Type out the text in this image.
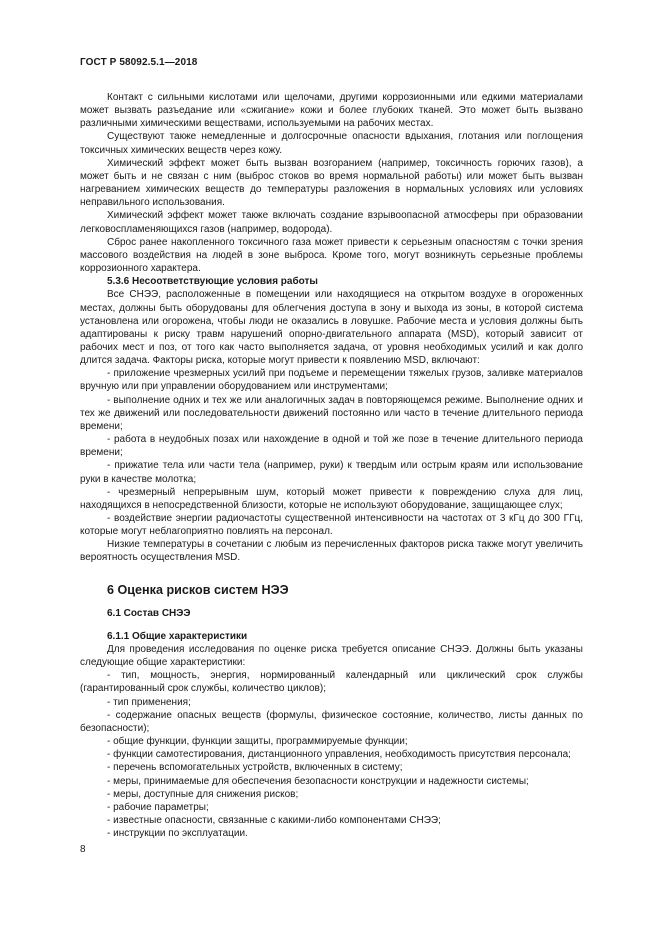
ГОСТ Р 58092.5.1—2018

Контакт с сильными кислотами или щелочами, другими коррозионными или едкими материалами может вызвать разъедание или «сжигание» кожи и более глубоких тканей. Это может быть вызвано различными химическими веществами, используемыми на рабочих местах.

Существуют также немедленные и долгосрочные опасности вдыхания, глотания или поглощения токсичных химических веществ через кожу.

Химический эффект может быть вызван возгоранием (например, токсичность горючих газов), а может быть и не связан с ним (выброс стоков во время нормальной работы) или может быть вызван нагреванием химических веществ до температуры разложения в нормальных условиях или условиях неправильного использования.

Химический эффект может также включать создание взрывоопасной атмосферы при образовании легковоспламеняющихся газов (например, водорода).

Сброс ранее накопленного токсичного газа может привести к серьезным опасностям с точки зрения массового воздействия на людей в зоне выброса. Кроме того, могут возникнуть серьезные проблемы коррозионного характера.

5.3.6 Несоответствующие условия работы

Все СНЭЭ, расположенные в помещении или находящиеся на открытом воздухе в огороженных местах, должны быть оборудованы для облегчения доступа в зону и выхода из зоны, в которой система установлена или огорожена, чтобы люди не оказались в ловушке. Рабочие места и условия должны быть адаптированы к риску травм нарушений опорно-двигательного аппарата (MSD), который зависит от рабочих мест и поз, от того как часто выполняется задача, от уровня необходимых усилий и как долго длится задача. Факторы риска, которые могут привести к появлению MSD, включают:

- приложение чрезмерных усилий при подъеме и перемещении тяжелых грузов, заливке материалов вручную или при управлении оборудованием или инструментами;

- выполнение одних и тех же или аналогичных задач в повторяющемся режиме. Выполнение одних и тех же движений или последовательности движений постоянно или часто в течение длительного периода времени;

- работа в неудобных позах или нахождение в одной и той же позе в течение длительного периода времени;

- прижатие тела или части тела (например, руки) к твердым или острым краям или использование руки в качестве молотка;

- чрезмерный непрерывным шум, который может привести к повреждению слуха для лиц, находящихся в непосредственной близости, которые не используют оборудование, защищающее слух;

- воздействие энергии радиочастоты существенной интенсивности на частотах от 3 кГц до 300 ГГц, которые могут неблагоприятно повлиять на персонал.

Низкие температуры в сочетании с любым из перечисленных факторов риска также могут увеличить вероятность осуществления MSD.

6 Оценка рисков систем НЭЭ
6.1 Состав СНЭЭ
6.1.1 Общие характеристики

Для проведения исследования по оценке риска требуется описание СНЭЭ. Должны быть указаны следующие общие характеристики:

- тип, мощность, энергия, нормированный календарный или циклический срок службы (гарантированный срок службы, количество циклов);

- тип применения;

- содержание опасных веществ (формулы, физическое состояние, количество, листы данных по безопасности);

- общие функции, функции защиты, программируемые функции;

- функции самотестирования, дистанционного управления, необходимость присутствия персонала;

- перечень вспомогательных устройств, включенных в систему;

- меры, принимаемые для обеспечения безопасности конструкции и надежности системы;

- меры, доступные для снижения рисков;

- рабочие параметры;

- известные опасности, связанные с какими-либо компонентами СНЭЭ;

- инструкции по эксплуатации.

8
